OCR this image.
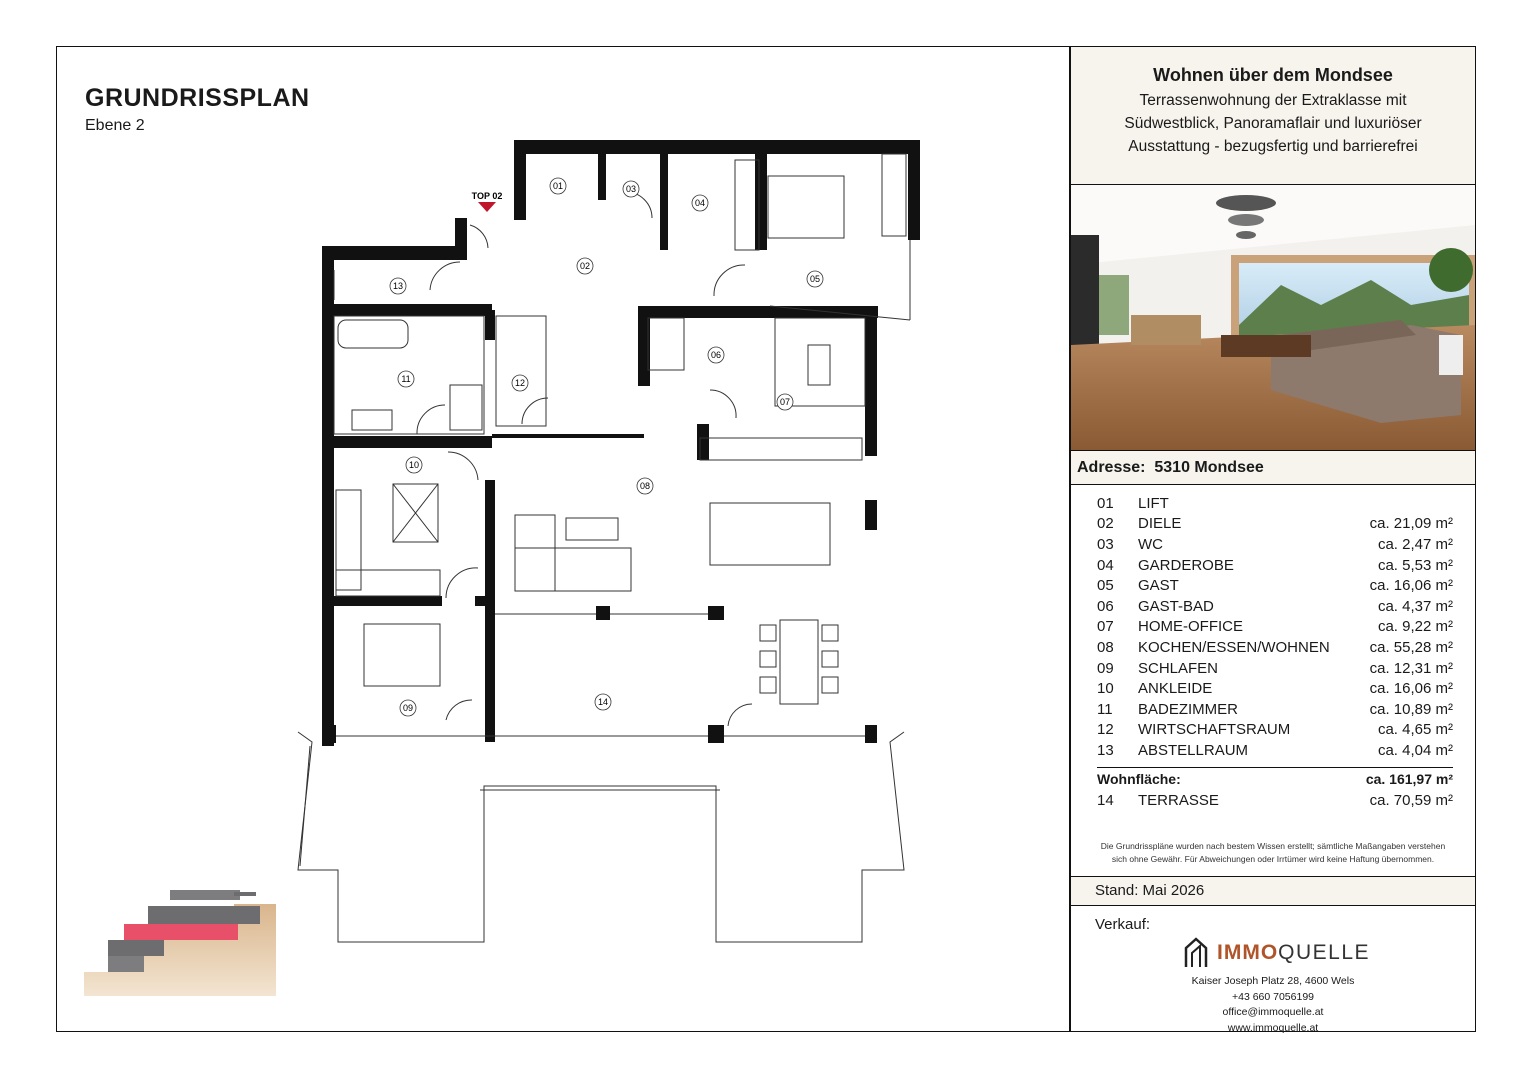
GRUNDRISSPLAN
Ebene 2
TOP 02
01
02
03
04
05
06
07
08
09
10
11	12
13
14
Wohnen über dem Mondsee
Terrassenwohnung der Extraklasse mit
Südwestblick, Panoramaflair und luxuriöser
Ausstattung - bezugsfertig und barrierefrei
Adresse: 5310 Mondsee
01	LIFT
02	DIELE	ca. 21,09 m²
03	WC	ca. 2,47 m²
04	GARDEROBE	ca. 5,53 m²
05	GAST	ca. 16,06 m²
06	GAST-BAD	ca. 4,37 m²
07	HOME-OFFICE	ca. 9,22 m²
08	KOCHEN/ESSEN/WOHNEN	ca. 55,28 m²
09	SCHLAFEN	ca. 12,31 m²
10	ANKLEIDE	ca. 16,06 m²
11	BADEZIMMER	ca. 10,89 m²
12	WIRTSCHAFTSRAUM	ca. 4,65 m²
13	ABSTELLRAUM	ca. 4,04 m²
Wohnfläche:	ca. 161,97 m²
14	TERRASSE	ca. 70,59 m²
Die Grundrisspläne wurden nach bestem Wissen erstellt; sämtliche Maßangaben verstehen
sich ohne Gewähr. Für Abweichungen oder Irrtümer wird keine Haftung übernommen.
Stand: Mai 2026
Verkauf:
IMMO QUELLE
Kaiser Joseph Platz 28, 4600 Wels
+43 660 7056199
office@immoquelle.at
www.immoquelle.at
